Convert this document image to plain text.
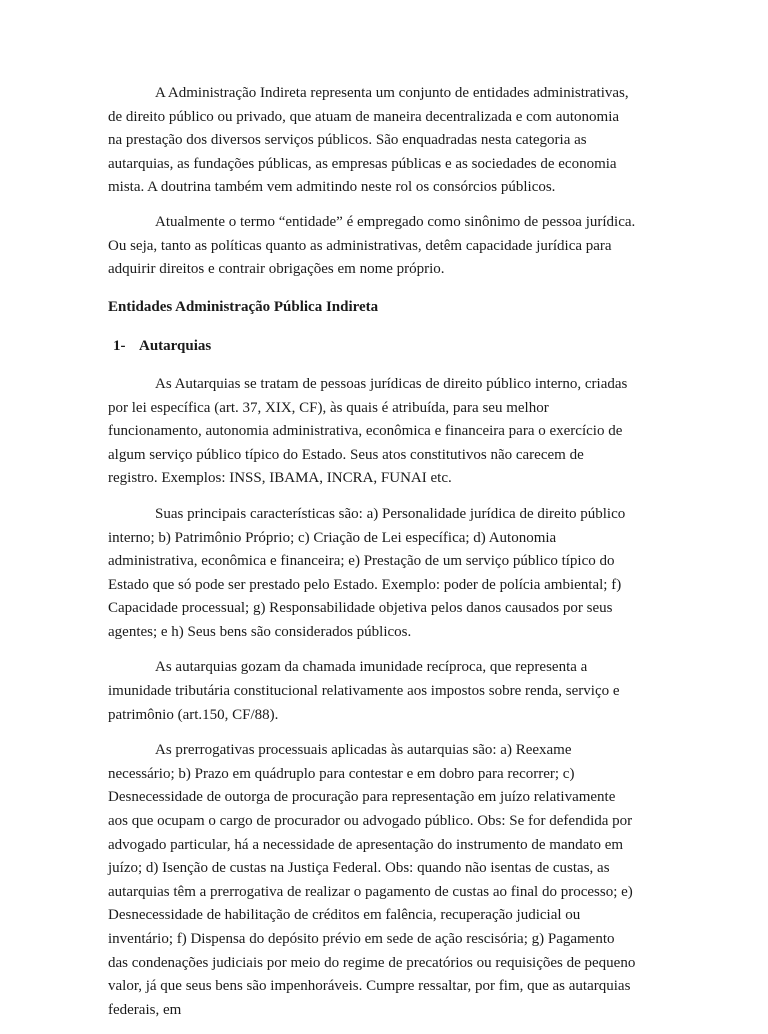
A Administração Indireta representa um conjunto de entidades administrativas, de direito público ou privado, que atuam de maneira decentralizada e com autonomia na prestação dos diversos serviços públicos. São enquadradas nesta categoria as autarquias, as fundações públicas, as empresas públicas e as sociedades de economia mista. A doutrina também vem admitindo neste rol os consórcios públicos.

Atualmente o termo “entidade” é empregado como sinônimo de pessoa jurídica. Ou seja, tanto as políticas quanto as administrativas, detêm capacidade jurídica para adquirir direitos e contrair obrigações em nome próprio.

Entidades Administração Pública Indireta
1- Autarquias

As Autarquias se tratam de pessoas jurídicas de direito público interno, criadas por lei específica (art. 37, XIX, CF), às quais é atribuída, para seu melhor funcionamento, autonomia administrativa, econômica e financeira para o exercício de algum serviço público típico do Estado. Seus atos constitutivos não carecem de registro. Exemplos: INSS, IBAMA, INCRA, FUNAI etc.

Suas principais características são: a) Personalidade jurídica de direito público interno; b) Patrimônio Próprio; c) Criação de Lei específica; d) Autonomia administrativa, econômica e financeira; e) Prestação de um serviço público típico do Estado que só pode ser prestado pelo Estado. Exemplo: poder de polícia ambiental; f) Capacidade processual; g) Responsabilidade objetiva pelos danos causados por seus agentes; e h) Seus bens são considerados públicos.

As autarquias gozam da chamada imunidade recíproca, que representa a imunidade tributária constitucional relativamente aos impostos sobre renda, serviço e patrimônio (art.150, CF/88).

As prerrogativas processuais aplicadas às autarquias são: a) Reexame necessário; b) Prazo em quádruplo para contestar e em dobro para recorrer; c) Desnecessidade de outorga de procuração para representação em juízo relativamente aos que ocupam o cargo de procurador ou advogado público. Obs: Se for defendida por advogado particular, há a necessidade de apresentação do instrumento de mandato em juízo; d) Isenção de custas na Justiça Federal. Obs: quando não isentas de custas, as autarquias têm a prerrogativa de realizar o pagamento de custas ao final do processo; e) Desnecessidade de habilitação de créditos em falência, recuperação judicial ou inventário; f) Dispensa do depósito prévio em sede de ação rescisória; g) Pagamento das condenações judiciais por meio do regime de precatórios ou requisições de pequeno valor, já que seus bens são impenhoráveis. Cumpre ressaltar, por fim, que as autarquias federais, em
